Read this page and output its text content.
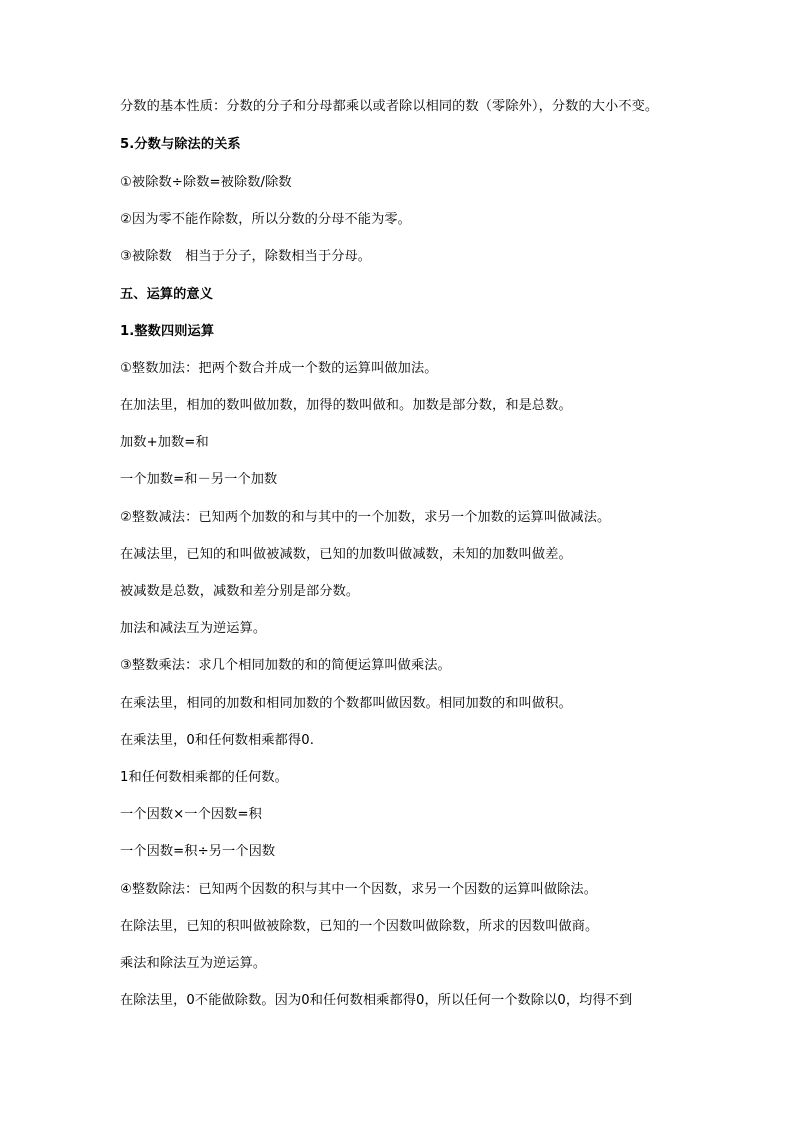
分数的基本性质：分数的分子和分母都乘以或者除以相同的数（零除外），分数的大小不变。
5.分数与除法的关系
①被除数÷除数=被除数/除数
②因为零不能作除数，所以分数的分母不能为零。
③被除数　相当于分子，除数相当于分母。
五、运算的意义
1.整数四则运算
①整数加法：把两个数合并成一个数的运算叫做加法。
在加法里，相加的数叫做加数，加得的数叫做和。加数是部分数，和是总数。
加数+加数=和
一个加数=和－另一个加数
②整数减法：已知两个加数的和与其中的一个加数，求另一个加数的运算叫做减法。
在减法里，已知的和叫做被减数，已知的加数叫做减数，未知的加数叫做差。
被减数是总数，减数和差分别是部分数。
加法和减法互为逆运算。
③整数乘法：求几个相同加数的和的简便运算叫做乘法。
在乘法里，相同的加数和相同加数的个数都叫做因数。相同加数的和叫做积。
在乘法里，0和任何数相乘都得0.
1和任何数相乘都的任何数。
一个因数×一个因数=积
一个因数=积÷另一个因数
④整数除法：已知两个因数的积与其中一个因数，求另一个因数的运算叫做除法。
在除法里，已知的积叫做被除数，已知的一个因数叫做除数，所求的因数叫做商。
乘法和除法互为逆运算。
在除法里，0不能做除数。因为0和任何数相乘都得0，所以任何一个数除以0，均得不到
